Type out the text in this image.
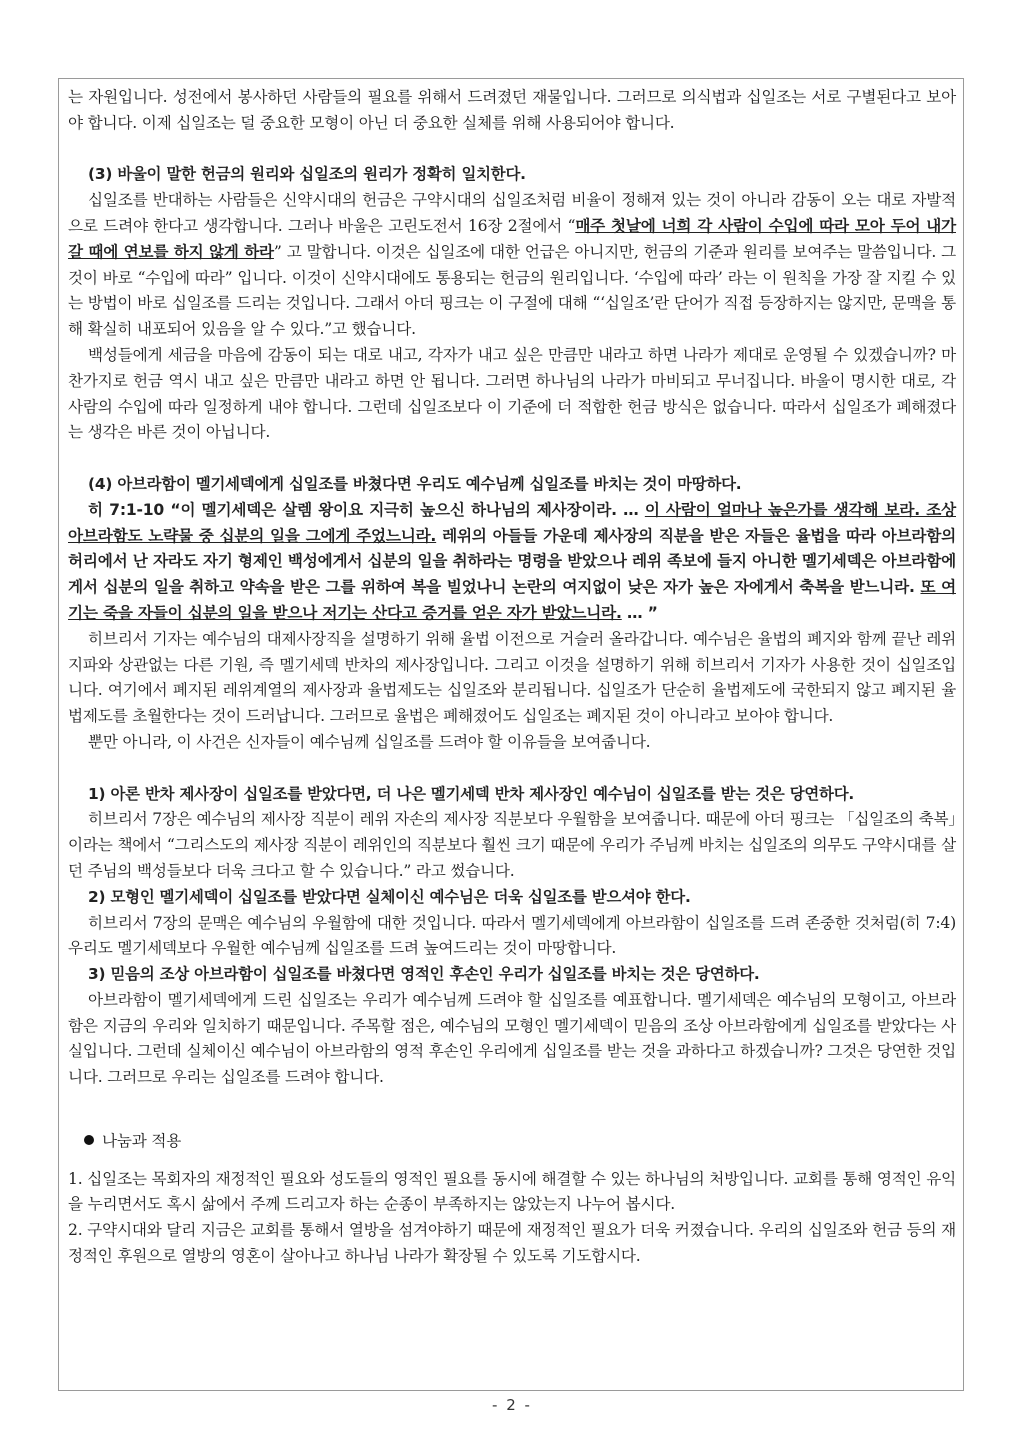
는 자원입니다. 성전에서 봉사하던 사람들의 필요를 위해서 드려졌던 재물입니다. 그러므로 의식법과 십일조는 서로 구별된다고 보아야 합니다. 이제 십일조는 덜 중요한 모형이 아닌 더 중요한 실체를 위해 사용되어야 합니다.

(3) 바울이 말한 헌금의 원리와 십일조의 원리가 정확히 일치한다.

십일조를 반대하는 사람들은 신약시대의 헌금은 구약시대의 십일조처럼 비율이 정해져 있는 것이 아니라 감동이 오는 대로 자발적으로 드려야 한다고 생각합니다. 그러나 바울은 고린도전서 16장 2절에서 “매주 첫날에 너희 각 사람이 수입에 따라 모아 두어 내가 갈 때에 연보를 하지 않게 하라” 고 말합니다. 이것은 십일조에 대한 언급은 아니지만, 헌금의 기준과 원리를 보여주는 말씀입니다. 그것이 바로 “수입에 따라” 입니다. 이것이 신약시대에도 통용되는 헌금의 원리입니다. ‘수입에 따라’ 라는 이 원칙을 가장 잘 지킬 수 있는 방법이 바로 십일조를 드리는 것입니다. 그래서 아더 핑크는 이 구절에 대해 “‘십일조’란 단어가 직접 등장하지는 않지만, 문맥을 통해 확실히 내포되어 있음을 알 수 있다.”고 했습니다.

백성들에게 세금을 마음에 감동이 되는 대로 내고, 각자가 내고 싶은 만큼만 내라고 하면 나라가 제대로 운영될 수 있겠습니까? 마찬가지로 헌금 역시 내고 싶은 만큼만 내라고 하면 안 됩니다. 그러면 하나님의 나라가 마비되고 무너집니다. 바울이 명시한 대로, 각 사람의 수입에 따라 일정하게 내야 합니다. 그런데 십일조보다 이 기준에 더 적합한 헌금 방식은 없습니다. 따라서 십일조가 폐해졌다는 생각은 바른 것이 아닙니다.

(4) 아브라함이 멜기세덱에게 십일조를 바쳤다면 우리도 예수님께 십일조를 바치는 것이 마땅하다.

히 7:1-10 “이 멜기세덱은 살렘 왕이요 지극히 높으신 하나님의 제사장이라. … 이 사람이 얼마나 높은가를 생각해 보라. 조상 아브라함도 노략물 중 십분의 일을 그에게 주었느니라. 레위의 아들들 가운데 제사장의 직분을 받은 자들은 율법을 따라 아브라함의 허리에서 난 자라도 자기 형제인 백성에게서 십분의 일을 취하라는 명령을 받았으나 레위 족보에 들지 아니한 멜기세덱은 아브라함에게서 십분의 일을 취하고 약속을 받은 그를 위하여 복을 빌었나니 논란의 여지없이 낮은 자가 높은 자에게서 축복을 받느니라. 또 여기는 죽을 자들이 십분의 일을 받으나 저기는 산다고 증거를 얻은 자가 받았느니라. … ”

히브리서 기자는 예수님의 대제사장직을 설명하기 위해 율법 이전으로 거슬러 올라갑니다. 예수님은 율법의 폐지와 함께 끝난 레위지파와 상관없는 다른 기원, 즉 멜기세덱 반차의 제사장입니다. 그리고 이것을 설명하기 위해 히브리서 기자가 사용한 것이 십일조입니다. 여기에서 폐지된 레위계열의 제사장과 율법제도는 십일조와 분리됩니다. 십일조가 단순히 율법제도에 국한되지 않고 폐지된 율법제도를 초월한다는 것이 드러납니다. 그러므로 율법은 폐해졌어도 십일조는 폐지된 것이 아니라고 보아야 합니다.

뿐만 아니라, 이 사건은 신자들이 예수님께 십일조를 드려야 할 이유들을 보여줍니다.

1) 아론 반차 제사장이 십일조를 받았다면, 더 나은 멜기세덱 반차 제사장인 예수님이 십일조를 받는 것은 당연하다.

히브리서 7장은 예수님의 제사장 직분이 레위 자손의 제사장 직분보다 우월함을 보여줍니다. 때문에 아더 핑크는 「십일조의 축복」이라는 책에서 “그리스도의 제사장 직분이 레위인의 직분보다 훨씬 크기 때문에 우리가 주님께 바치는 십일조의 의무도 구약시대를 살던 주님의 백성들보다 더욱 크다고 할 수 있습니다.” 라고 썼습니다.

2) 모형인 멜기세덱이 십일조를 받았다면 실체이신 예수님은 더욱 십일조를 받으셔야 한다.

히브리서 7장의 문맥은 예수님의 우월함에 대한 것입니다. 따라서 멜기세덱에게 아브라함이 십일조를 드려 존중한 것처럼(히 7:4) 우리도 멜기세덱보다 우월한 예수님께 십일조를 드려 높여드리는 것이 마땅합니다.

3) 믿음의 조상 아브라함이 십일조를 바쳤다면 영적인 후손인 우리가 십일조를 바치는 것은 당연하다.

아브라함이 멜기세덱에게 드린 십일조는 우리가 예수님께 드려야 할 십일조를 예표합니다. 멜기세덱은 예수님의 모형이고, 아브라함은 지금의 우리와 일치하기 때문입니다. 주목할 점은, 예수님의 모형인 멜기세덱이 믿음의 조상 아브라함에게 십일조를 받았다는 사실입니다. 그런데 실체이신 예수님이 아브라함의 영적 후손인 우리에게 십일조를 받는 것을 과하다고 하겠습니까? 그것은 당연한 것입니다. 그러므로 우리는 십일조를 드려야 합니다.

나눔과 적용

1. 십일조는 목회자의 재정적인 필요와 성도들의 영적인 필요를 동시에 해결할 수 있는 하나님의 처방입니다. 교회를 통해 영적인 유익을 누리면서도 혹시 삶에서 주께 드리고자 하는 순종이 부족하지는 않았는지 나누어 봅시다.

2. 구약시대와 달리 지금은 교회를 통해서 열방을 섬겨야하기 때문에 재정적인 필요가 더욱 커졌습니다. 우리의 십일조와 헌금 등의 재정적인 후원으로 열방의 영혼이 살아나고 하나님 나라가 확장될 수 있도록 기도합시다.

- 2 -
